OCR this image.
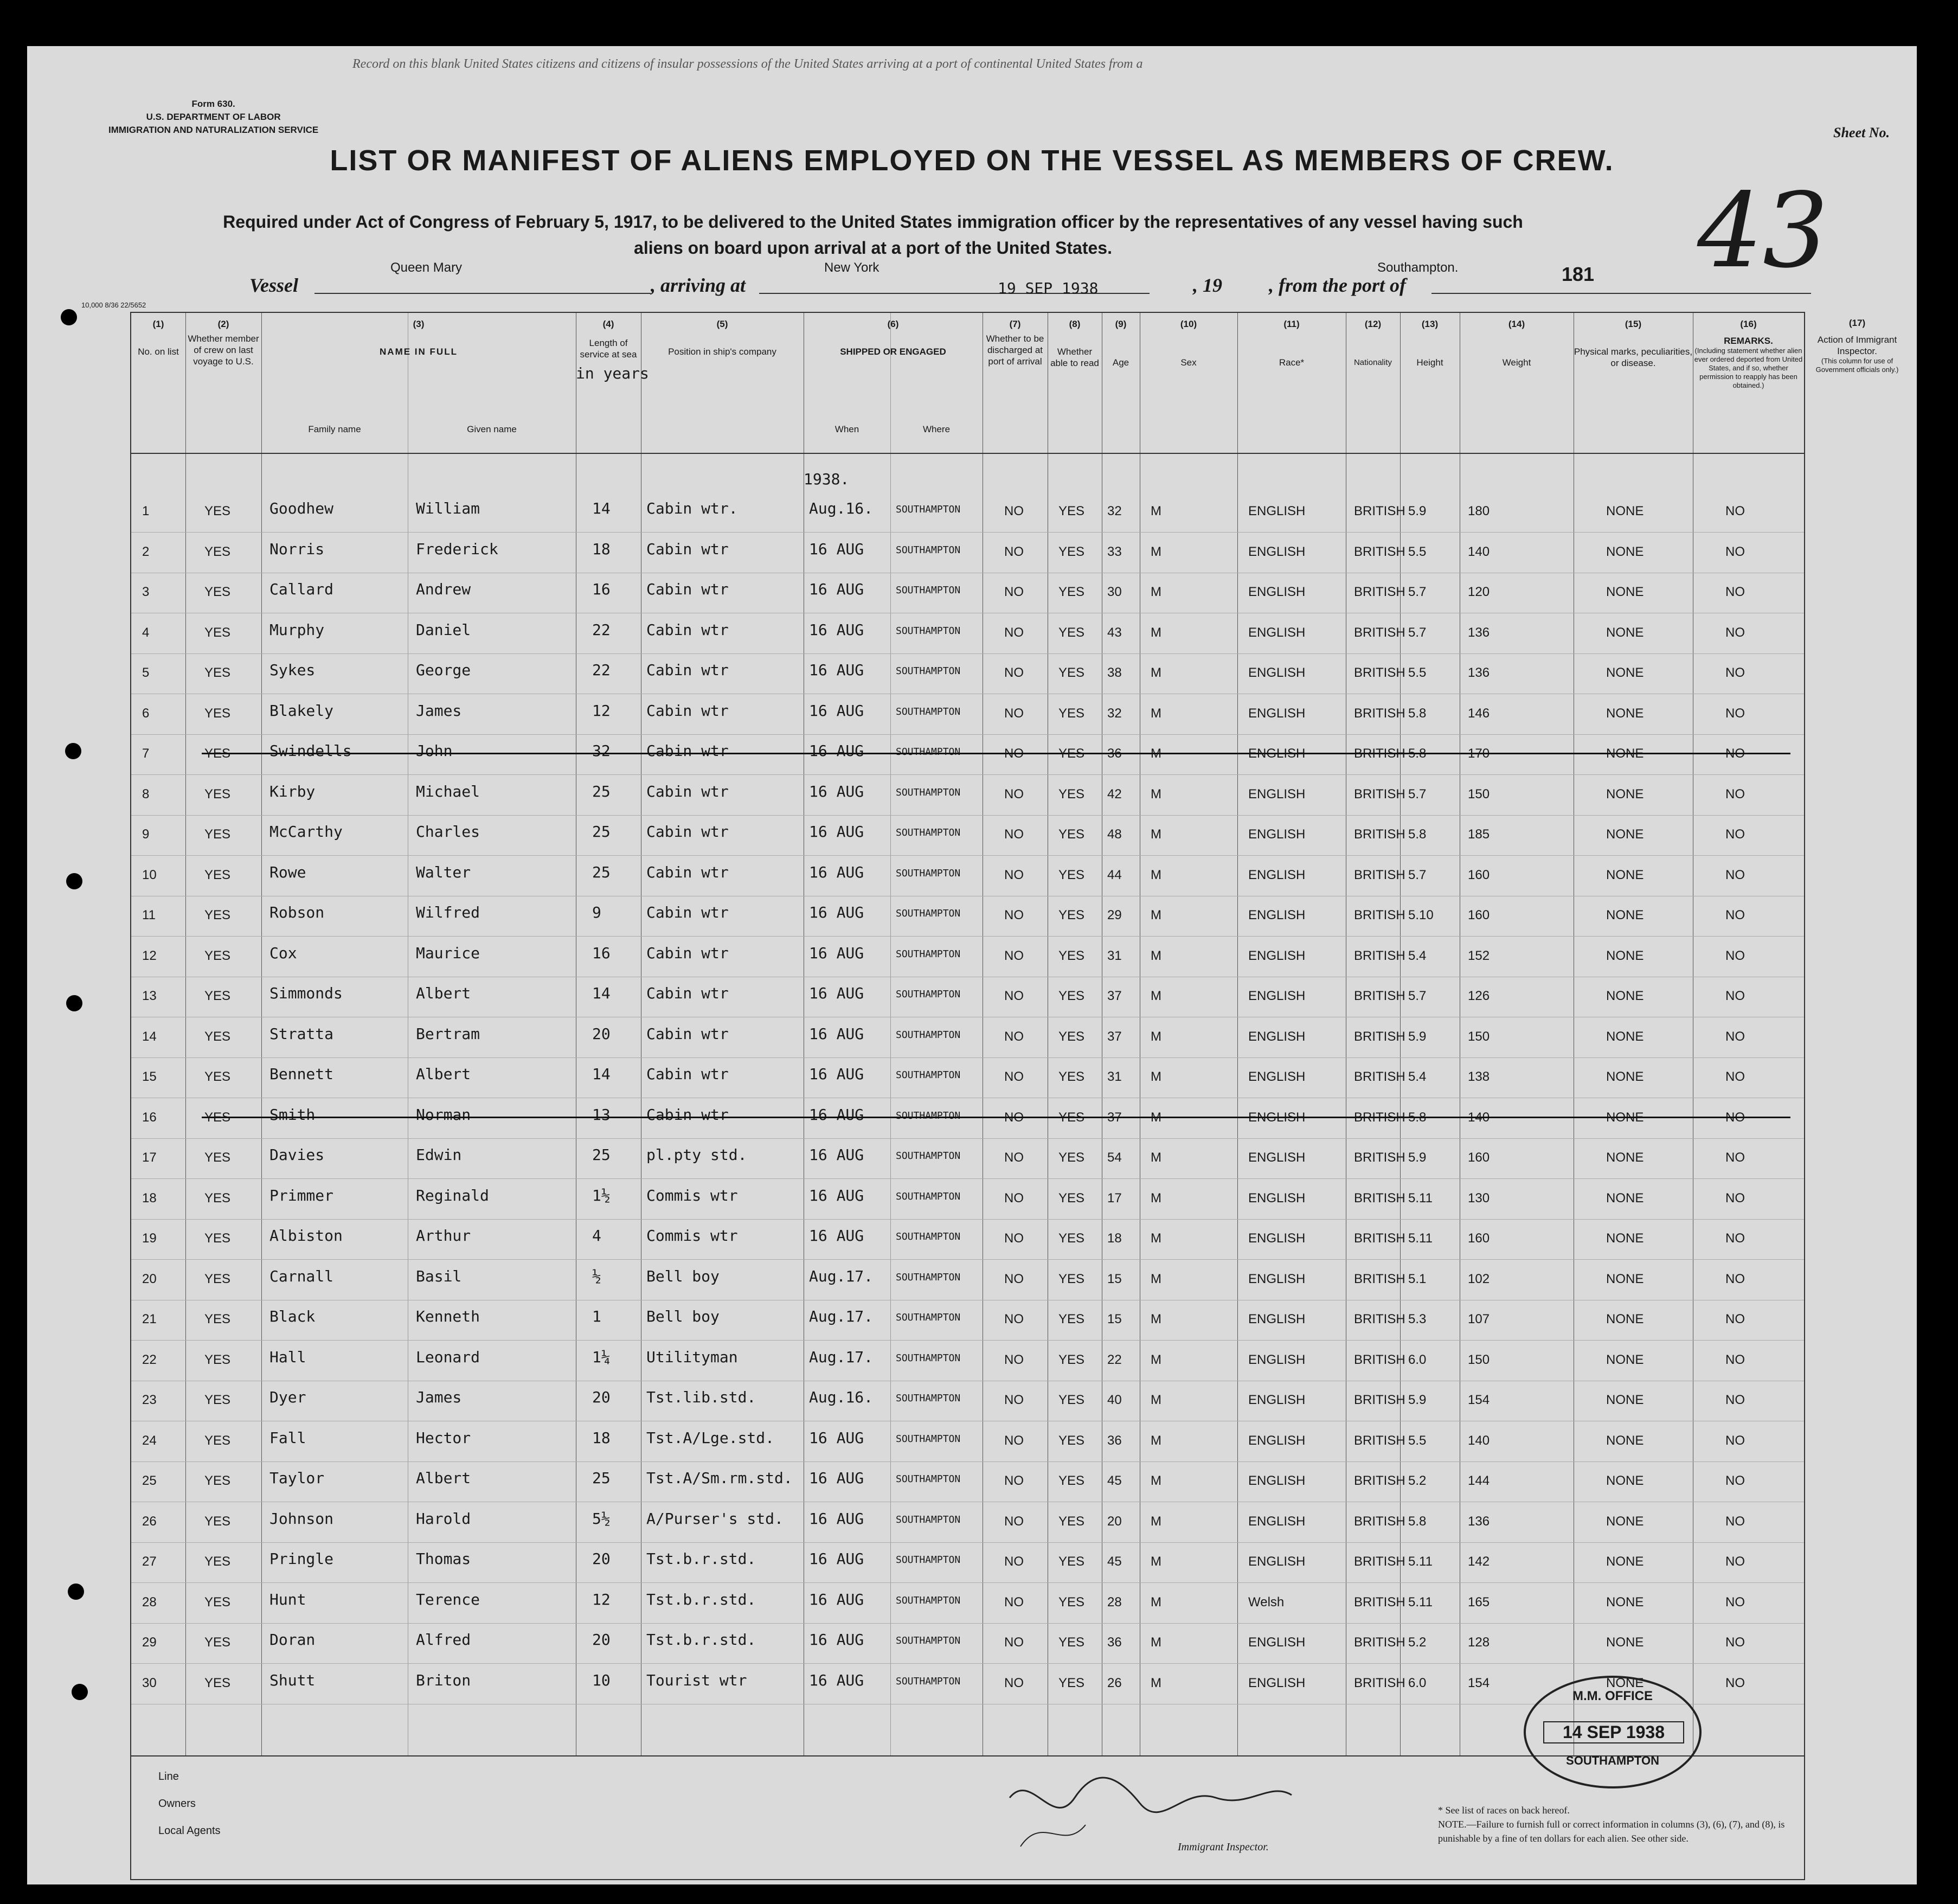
Record on this blank United States citizens and citizens of insular possessions of the United States arriving at a port of continental United States from a
Form 630.
U.S. DEPARTMENT OF LABOR
IMMIGRATION AND NATURALIZATION SERVICE	Sheet No.
LIST OR MANIFEST OF ALIENS EMPLOYED ON THE VESSEL AS MEMBERS OF CREW.
Required under Act of Congress of February 5, 1917, to be delivered to the United States immigration officer by the representatives of any vessel having such
aliens on board upon arrival at a port of the United States.	43
Vessel
Queen Mary
, arriving at
New York
19 SEP 1938	, 19 , from the port of
Southampton.	181
10,000 8/36 22/5652
(1)
No. on list
(2)
Whether member of crew on last voyage to U.S.
(3)
NAME IN FULL
Family name	Given name
(4)
Length of service at sea
in years
(5)
Position in ship's company
(6)
SHIPPED OR ENGAGED
When	Where
(7)
Whether to be discharged at port of arrival
(8)
Whether able to read
(9)
Age
(10)
Sex
(11)
Race*
(12)
Nationality
(13)
Height
(14)
Weight
(15)
Physical marks, peculiarities, or disease.
(16)
REMARKS.
(Including statement whether alien ever ordered deported from United States, and if so, whether permission to reapply has been obtained.)
1938.
1	YES	Goodhew	William	14 Cabin wtr.	Aug.16. SOUTHAMPTON	NO	YES 32 M	ENGLISH	BRITISH 5.9	180	NONE	NO
2	YES	Norris	Frederick	18 Cabin wtr	16 AUG	SOUTHAMPTON	NO	YES 33 M	ENGLISH	BRITISH 5.5	140	NONE	NO
3	YES	Callard	Andrew	16 Cabin wtr	16 AUG	SOUTHAMPTON	NO	YES 30 M	ENGLISH	BRITISH 5.7	120	NONE	NO
4	YES	Murphy	Daniel	22 Cabin wtr	16 AUG	SOUTHAMPTON	NO	YES 43 M	ENGLISH	BRITISH 5.7	136	NONE	NO
5	YES	Sykes	George	22 Cabin wtr	16 AUG	SOUTHAMPTON	NO	YES 38 M	ENGLISH	BRITISH 5.5	136	NONE	NO
6	YES	Blakely	James	12 Cabin wtr	16 AUG	SOUTHAMPTON	NO	YES 32 M	ENGLISH	BRITISH 5.8	146	NONE	NO
7	YES	Swindells	John	32 Cabin wtr	16 AUG	SOUTHAMPTON	NO	YES 36 M	ENGLISH	BRITISH 5.8	170	NONE	NO
8	YES	Kirby	Michael	25 Cabin wtr	16 AUG	SOUTHAMPTON	NO	YES 42 M	ENGLISH	BRITISH 5.7	150	NONE	NO
9	YES	McCarthy	Charles	25 Cabin wtr	16 AUG	SOUTHAMPTON	NO	YES 48 M	ENGLISH	BRITISH 5.8	185	NONE	NO
10	YES	Rowe	Walter	25 Cabin wtr	16 AUG	SOUTHAMPTON	NO	YES 44 M	ENGLISH	BRITISH 5.7	160	NONE	NO
11	YES	Robson	Wilfred	9	Cabin wtr	16 AUG	SOUTHAMPTON	NO	YES 29 M	ENGLISH	BRITISH 5.10	160	NONE	NO
12	YES	Cox	Maurice	16 Cabin wtr	16 AUG	SOUTHAMPTON	NO	YES 31 M	ENGLISH	BRITISH 5.4	152	NONE	NO
13	YES	Simmonds	Albert	14 Cabin wtr	16 AUG	SOUTHAMPTON	NO	YES 37 M	ENGLISH	BRITISH 5.7	126	NONE	NO
14	YES	Stratta	Bertram	20 Cabin wtr	16 AUG	SOUTHAMPTON	NO	YES 37 M	ENGLISH	BRITISH 5.9	150	NONE	NO
15	YES	Bennett	Albert	14 Cabin wtr	16 AUG	SOUTHAMPTON	NO	YES 31 M	ENGLISH	BRITISH 5.4	138	NONE	NO
16	YES	Smith	Norman	13 Cabin wtr	16 AUG	SOUTHAMPTON	NO	YES 37 M	ENGLISH	BRITISH 5.8	140	NONE	NO
17	YES	Davies	Edwin	25 pl.pty std.	16 AUG	SOUTHAMPTON	NO	YES 54 M	ENGLISH	BRITISH 5.9	160	NONE	NO
18	YES	Primmer	Reginald	1½ Commis wtr	16 AUG	SOUTHAMPTON	NO	YES 17 M	ENGLISH	BRITISH 5.11	130	NONE	NO
19	YES	Albiston	Arthur	4	Commis wtr	16 AUG	SOUTHAMPTON	NO	YES 18 M	ENGLISH	BRITISH 5.11	160	NONE	NO
20	YES	Carnall	Basil	½	Bell boy	Aug.17. SOUTHAMPTON	NO	YES 15 M	ENGLISH	BRITISH 5.1	102	NONE	NO
21	YES	Black	Kenneth	1	Bell boy	Aug.17. SOUTHAMPTON	NO	YES 15 M	ENGLISH	BRITISH 5.3	107	NONE	NO
22	YES	Hall	Leonard	1¼ Utilityman	Aug.17. SOUTHAMPTON	NO	YES 22 M	ENGLISH	BRITISH 6.0	150	NONE	NO
23	YES	Dyer	James	20 Tst.lib.std.	Aug.16. SOUTHAMPTON	NO	YES 40 M	ENGLISH	BRITISH 5.9	154	NONE	NO
24	YES	Fall	Hector	18 Tst.A/Lge.std. 16 AUG	SOUTHAMPTON	NO	YES 36 M	ENGLISH	BRITISH 5.5	140	NONE	NO
25	YES	Taylor	Albert	25 Tst.A/Sm.rm.std. 16 AUG	SOUTHAMPTON	NO	YES 45 M	ENGLISH	BRITISH 5.2	144	NONE	NO
26	YES	Johnson	Harold	5½ A/Purser's std. 16 AUG	SOUTHAMPTON	NO	YES 20 M	ENGLISH	BRITISH 5.8	136	NONE	NO
27	YES	Pringle	Thomas	20 Tst.b.r.std.	16 AUG	SOUTHAMPTON	NO	YES 45 M	ENGLISH	BRITISH 5.11	142	NONE	NO
28	YES	Hunt	Terence	12 Tst.b.r.std.	16 AUG	SOUTHAMPTON	NO	YES 28 M	Welsh	BRITISH 5.11	165	NONE	NO
29	YES	Doran	Alfred	20 Tst.b.r.std.	16 AUG	SOUTHAMPTON	NO	YES 36 M	ENGLISH	BRITISH 5.2	128	NONE	NO
30	YES	Shutt	Briton	10 Tourist wtr	16 AUG	SOUTHAMPTON	NO	YES 26 M	ENGLISH	BRITISH 6.0	154	NONE	NO
(17)
Action of Immigrant Inspector.
(This column for use of Government officials only.)
Line
Owners
Local Agents
Immigrant Inspector.
* See list of races on back hereof.
NOTE.—Failure to furnish full or correct information in columns (3), (6), (7), and (8), is punishable by a fine of ten dollars for each alien. See other side.
M.M. OFFICE
14 SEP 1938
SOUTHAMPTON
